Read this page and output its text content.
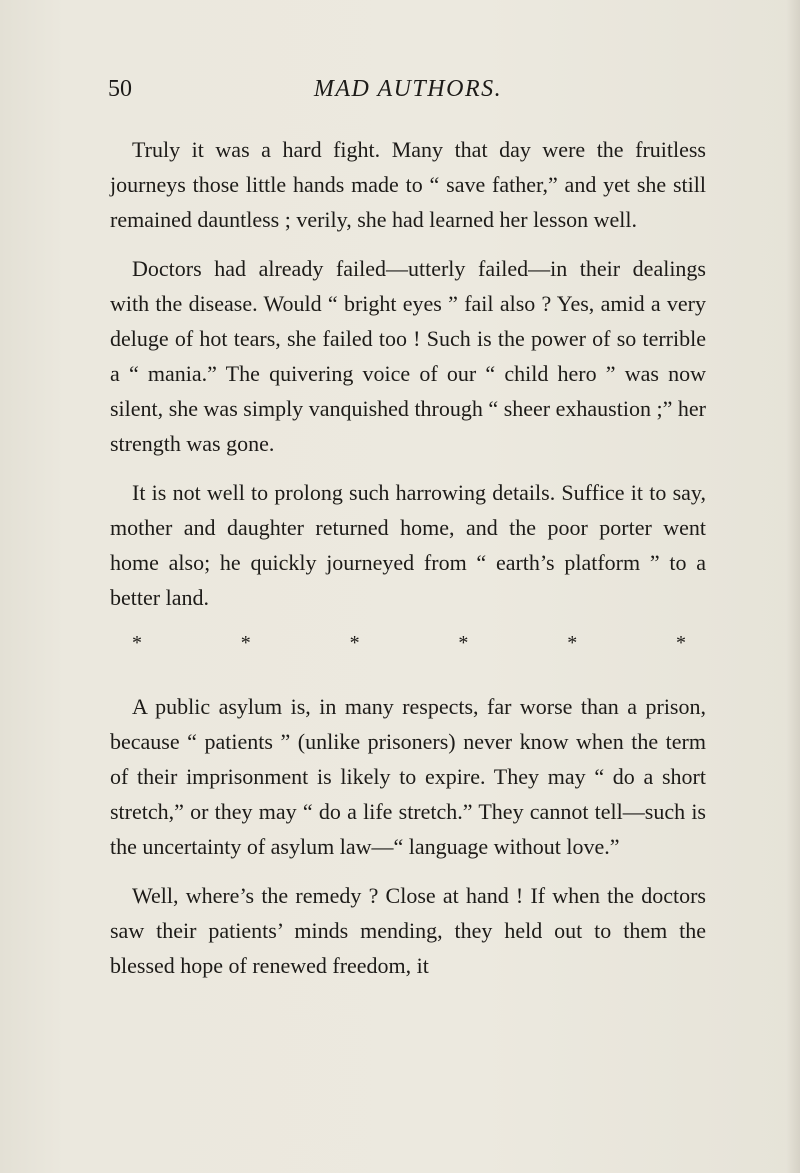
50	MAD AUTHORS.

Truly it was a hard fight. Many that day were the fruitless journeys those little hands made to “ save father,” and yet she still remained dauntless ; verily, she had learned her lesson well.

Doctors had already failed—utterly failed—in their dealings with the disease. Would “ bright eyes ” fail also ? Yes, amid a very deluge of hot tears, she failed too ! Such is the power of so terrible a “ mania.” The quivering voice of our “ child hero ” was now silent, she was simply vanquished through “ sheer exhaustion ;” her strength was gone.

It is not well to prolong such harrowing details. Suffice it to say, mother and daughter returned home, and the poor porter went home also; he quickly journeyed from “ earth’s platform ” to a better land.

*	*	*	*	*	*

A public asylum is, in many respects, far worse than a prison, because “ patients ” (unlike prisoners) never know when the term of their imprisonment is likely to expire. They may “ do a short stretch,” or they may “ do a life stretch.” They cannot tell—such is the uncertainty of asylum law—“ language without love.”

Well, where’s the remedy ? Close at hand ! If when the doctors saw their patients’ minds mending, they held out to them the blessed hope of renewed freedom, it
